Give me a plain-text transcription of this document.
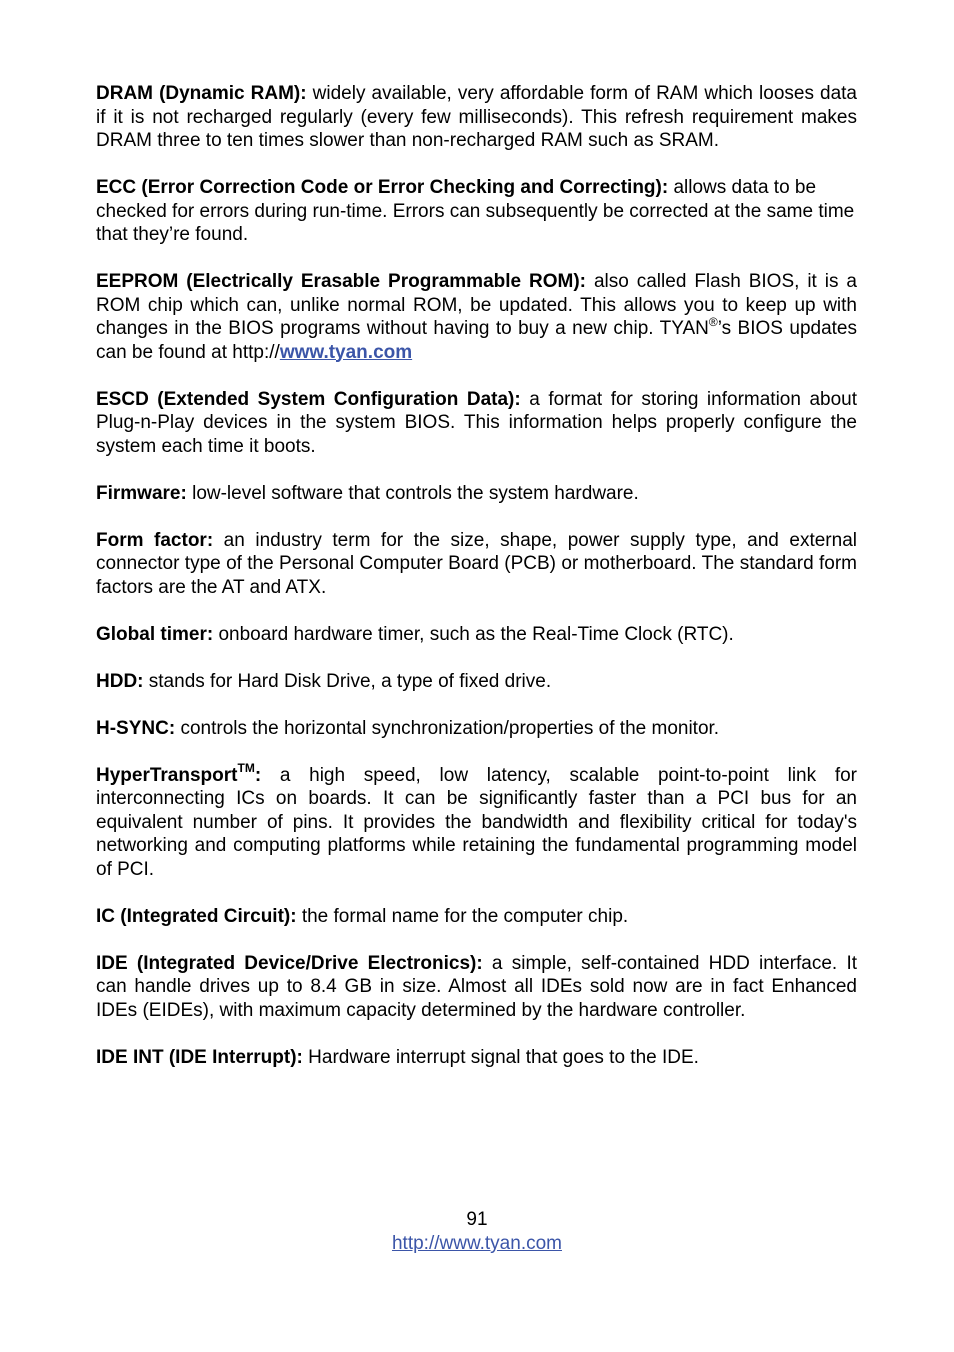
DRAM (Dynamic RAM): widely available, very affordable form of RAM which looses data if it is not recharged regularly (every few milliseconds). This refresh requirement makes DRAM three to ten times slower than non-recharged RAM such as SRAM.

ECC (Error Correction Code or Error Checking and Correcting): allows data to be checked for errors during run-time. Errors can subsequently be corrected at the same time that they’re found.

EEPROM (Electrically Erasable Programmable ROM): also called Flash BIOS, it is a ROM chip which can, unlike normal ROM, be updated. This allows you to keep up with changes in the BIOS programs without having to buy a new chip. TYAN®’s BIOS updates can be found at http://www.tyan.com

ESCD (Extended System Configuration Data): a format for storing information about Plug-n-Play devices in the system BIOS. This information helps properly configure the system each time it boots.

Firmware: low-level software that controls the system hardware.

Form factor: an industry term for the size, shape, power supply type, and external connector type of the Personal Computer Board (PCB) or motherboard. The standard form factors are the AT and ATX.

Global timer: onboard hardware timer, such as the Real-Time Clock (RTC).

HDD: stands for Hard Disk Drive, a type of fixed drive.

H-SYNC: controls the horizontal synchronization/properties of the monitor.

HyperTransport™: a high speed, low latency, scalable point-to-point link for interconnecting ICs on boards. It can be significantly faster than a PCI bus for an equivalent number of pins. It provides the bandwidth and flexibility critical for today's networking and computing platforms while retaining the fundamental programming model of PCI.

IC (Integrated Circuit): the formal name for the computer chip.

IDE (Integrated Device/Drive Electronics): a simple, self-contained HDD interface. It can handle drives up to 8.4 GB in size. Almost all IDEs sold now are in fact Enhanced IDEs (EIDEs), with maximum capacity determined by the hardware controller.

IDE INT (IDE Interrupt): Hardware interrupt signal that goes to the IDE.

91
http://www.tyan.com
